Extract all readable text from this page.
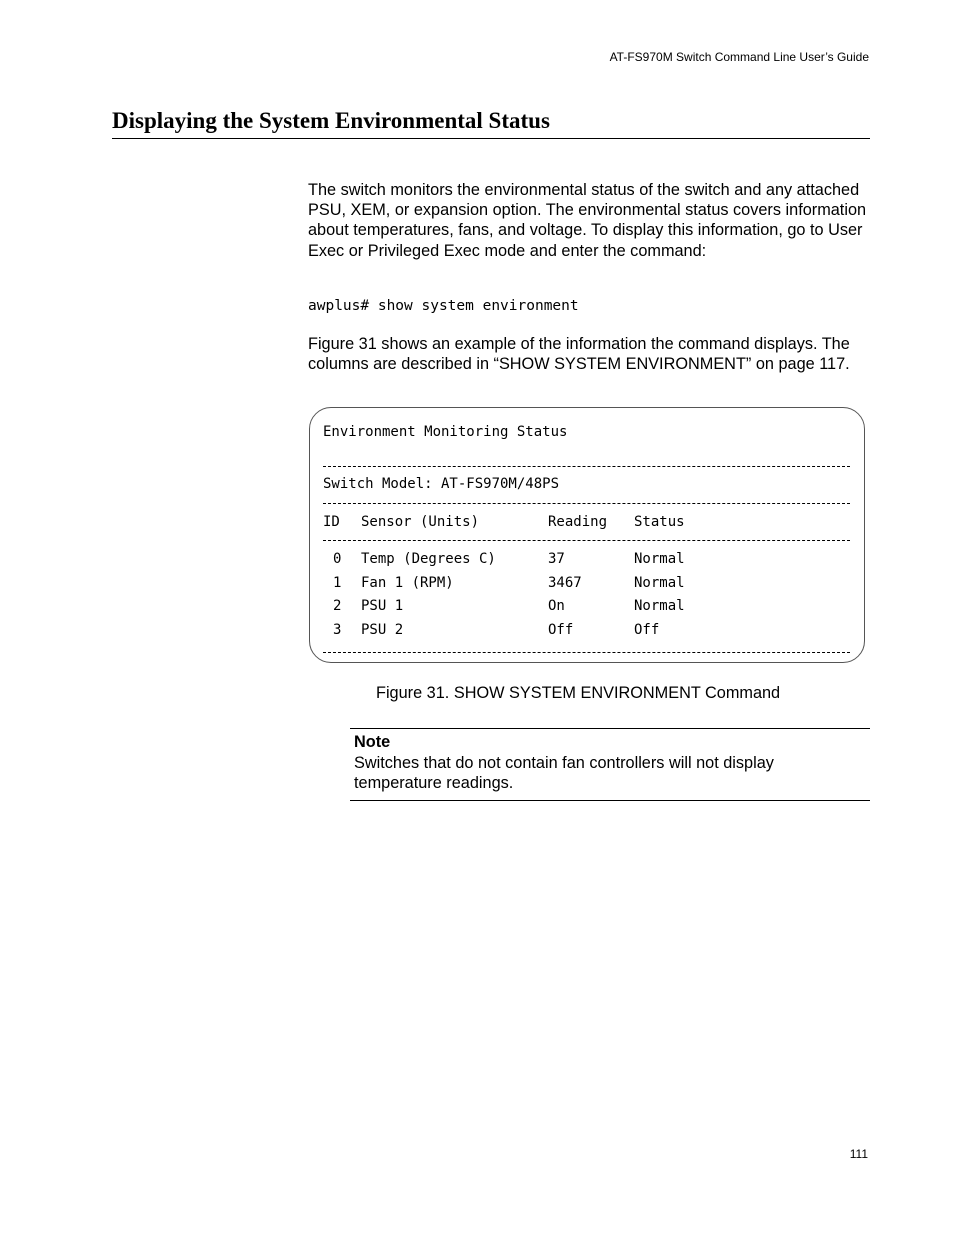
AT-FS970M Switch Command Line User’s Guide
Displaying the System Environmental Status

The switch monitors the environmental status of the switch and any attached PSU, XEM, or expansion option. The environmental status covers information about temperatures, fans, and voltage. To display this information, go to User Exec or Privileged Exec mode and enter the command:

awplus# show system environment

Figure 31 shows an example of the information the command displays. The columns are described in “SHOW SYSTEM ENVIRONMENT” on page 117.

Environment Monitoring Status
Switch Model: AT-FS970M/48PS
ID Sensor (Units)	Reading Status
0 Temp (Degrees C)	37	Normal
1 Fan 1 (RPM)	3467	Normal
2 PSU 1	On	Normal
3 PSU 2	Off	Off
Figure 31. SHOW SYSTEM ENVIRONMENT Command
Note

Switches that do not contain fan controllers will not display temperature readings.

111
